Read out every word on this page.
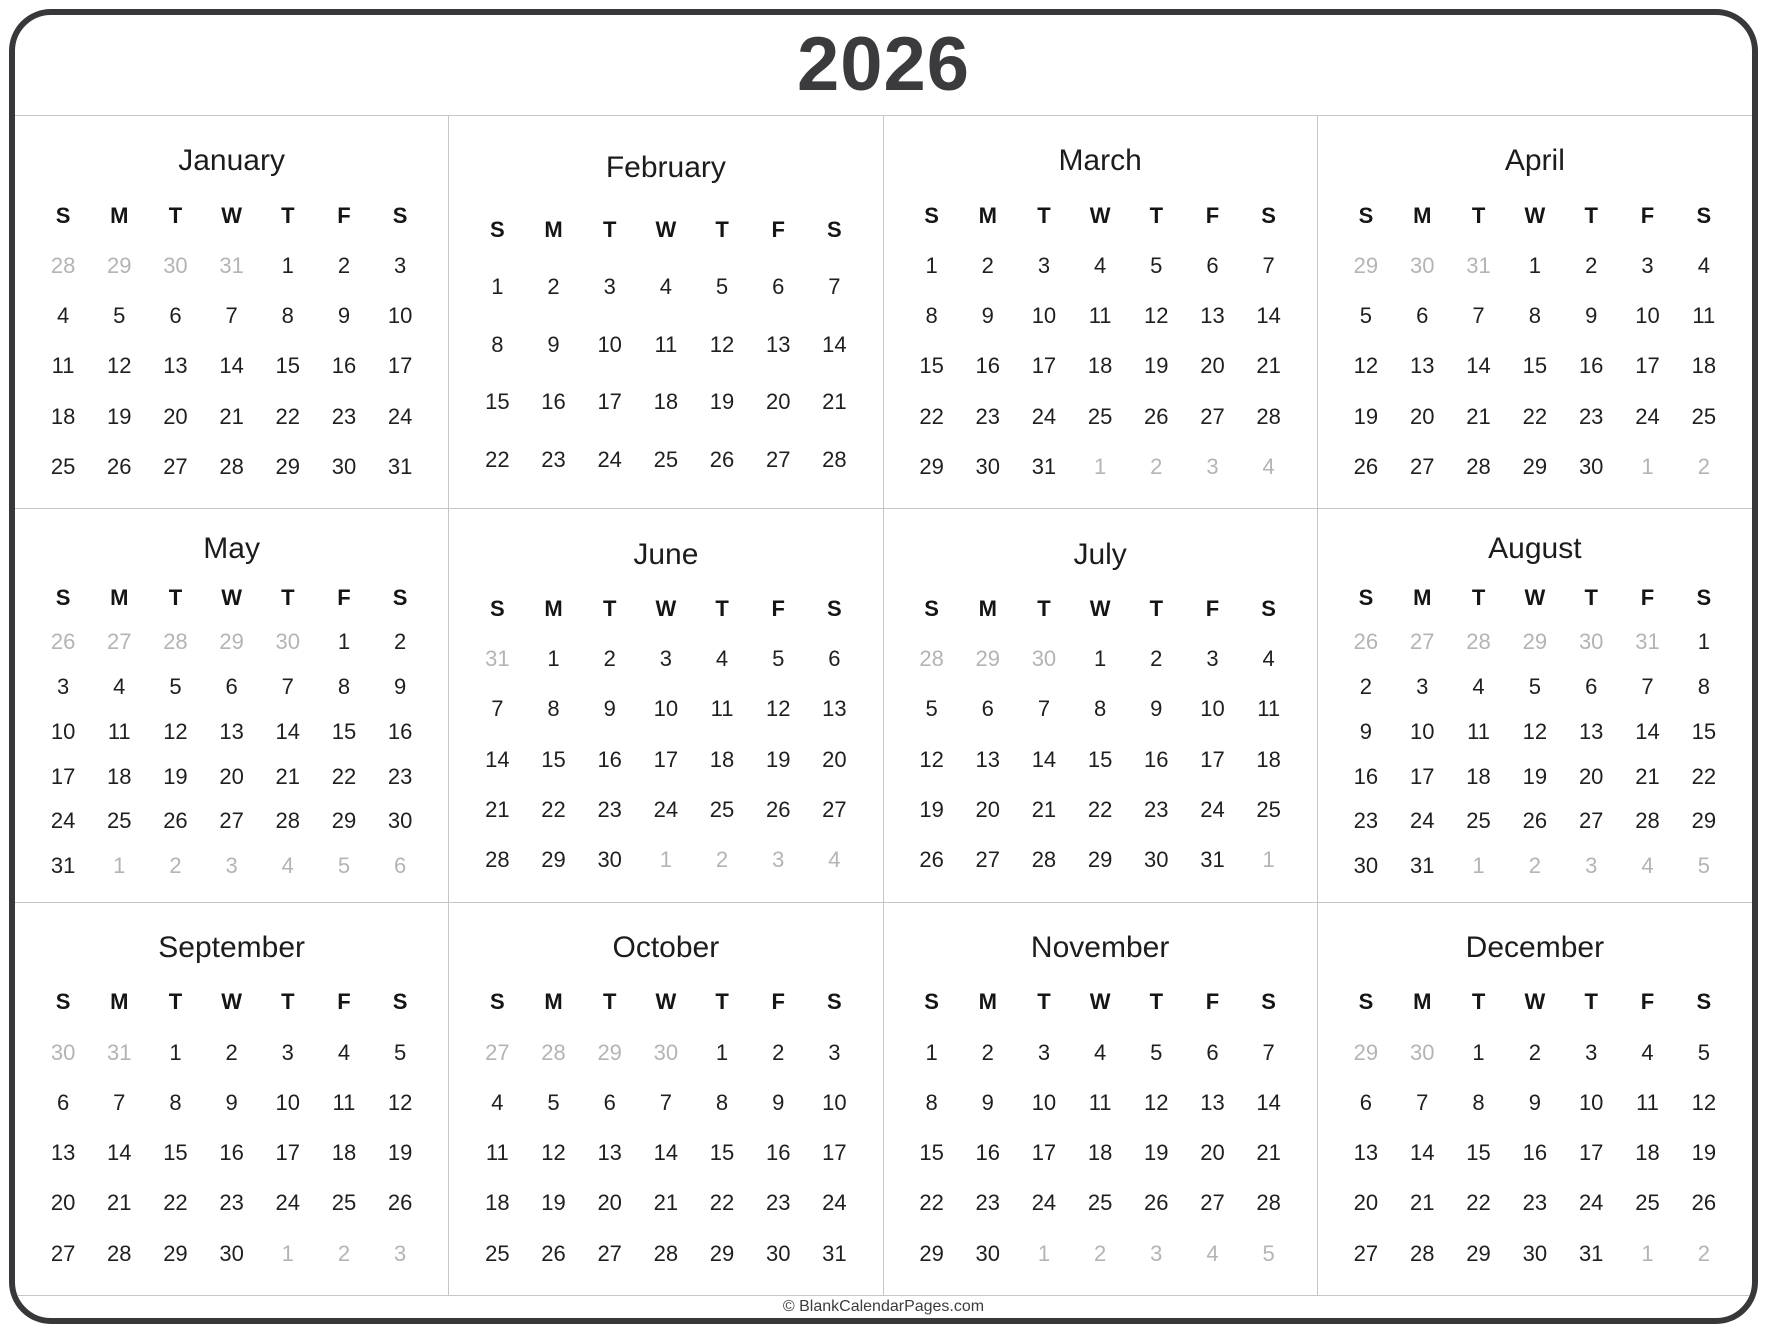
2026
January
S	M	T	W	T	F	S
28	29	30	31	1	2	3
4	5	6	7	8	9	10
11	12	13	14	15	16	17
18	19	20	21	22	23	24
25	26	27	28	29	30	31
February
S	M	T	W	T	F	S
1	2	3	4	5	6	7
8	9	10	11	12	13	14
15	16	17	18	19	20	21
22	23	24	25	26	27	28
March
S	M	T	W	T	F	S
1	2	3	4	5	6	7
8	9	10	11	12	13	14
15	16	17	18	19	20	21
22	23	24	25	26	27	28
29	30	31	1	2	3	4
April
S	M	T	W	T	F	S
29	30	31	1	2	3	4
5	6	7	8	9	10	11
12	13	14	15	16	17	18
19	20	21	22	23	24	25
26	27	28	29	30	1	2
May
S	M	T	W	T	F	S
26	27	28	29	30	1	2
3	4	5	6	7	8	9
10	11	12	13	14	15	16
17	18	19	20	21	22	23
24	25	26	27	28	29	30
31	1	2	3	4	5	6
June
S	M	T	W	T	F	S
31	1	2	3	4	5	6
7	8	9	10	11	12	13
14	15	16	17	18	19	20
21	22	23	24	25	26	27
28	29	30	1	2	3	4
July
S	M	T	W	T	F	S
28	29	30	1	2	3	4
5	6	7	8	9	10	11
12	13	14	15	16	17	18
19	20	21	22	23	24	25
26	27	28	29	30	31	1
August
S	M	T	W	T	F	S
26	27	28	29	30	31	1
2	3	4	5	6	7	8
9	10	11	12	13	14	15
16	17	18	19	20	21	22
23	24	25	26	27	28	29
30	31	1	2	3	4	5
September
S	M	T	W	T	F	S
30	31	1	2	3	4	5
6	7	8	9	10	11	12
13	14	15	16	17	18	19
20	21	22	23	24	25	26
27	28	29	30	1	2	3
October
S	M	T	W	T	F	S
27	28	29	30	1	2	3
4	5	6	7	8	9	10
11	12	13	14	15	16	17
18	19	20	21	22	23	24
25	26	27	28	29	30	31
November
S	M	T	W	T	F	S
1	2	3	4	5	6	7
8	9	10	11	12	13	14
15	16	17	18	19	20	21
22	23	24	25	26	27	28
29	30	1	2	3	4	5
December
S	M	T	W	T	F	S
29	30	1	2	3	4	5
6	7	8	9	10	11	12
13	14	15	16	17	18	19
20	21	22	23	24	25	26
27	28	29	30	31	1	2
© BlankCalendarPages.com
